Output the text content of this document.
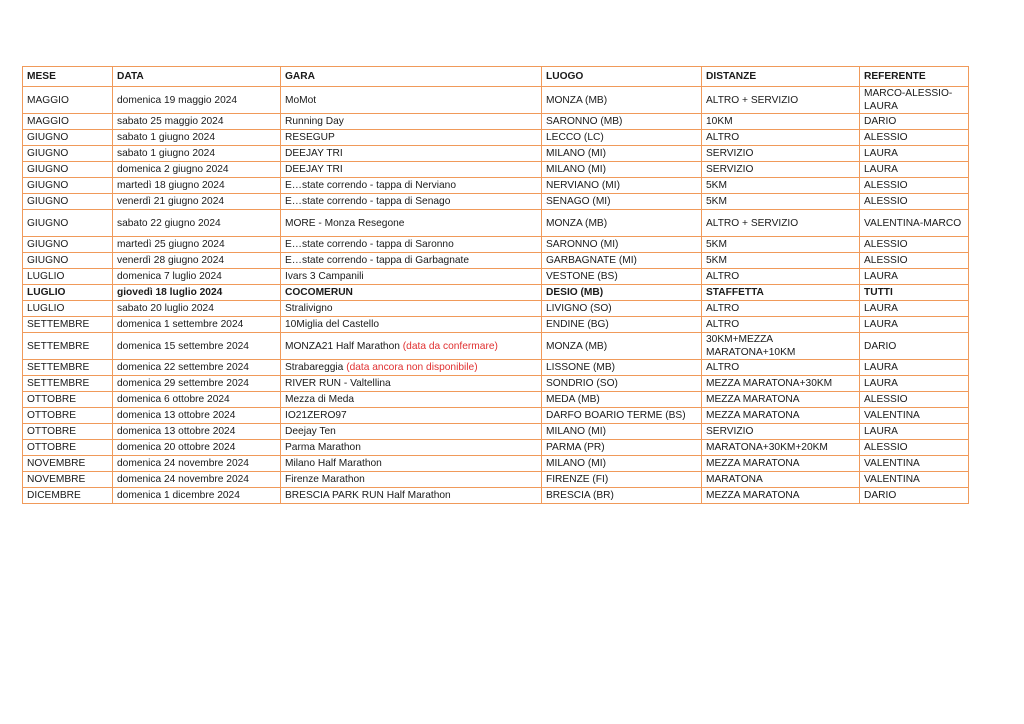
MESE	DATA	GARA	LUOGO	DISTANZE	REFERENTE
MAGGIO	domenica 19 maggio 2024	MoMot	MONZA (MB)	ALTRO + SERVIZIO	MARCO-ALESSIO-LAURA
MAGGIO	sabato 25 maggio 2024	Running Day	SARONNO (MB)	10KM	DARIO
GIUGNO	sabato 1 giugno 2024	RESEGUP	LECCO (LC)	ALTRO	ALESSIO
GIUGNO	sabato 1 giugno 2024	DEEJAY TRI	MILANO (MI)	SERVIZIO	LAURA
GIUGNO	domenica 2 giugno 2024	DEEJAY TRI	MILANO (MI)	SERVIZIO	LAURA
GIUGNO	martedì 18 giugno 2024	E…state correndo - tappa di Nerviano	NERVIANO (MI)	5KM	ALESSIO
GIUGNO	venerdì 21 giugno 2024	E…state correndo - tappa di Senago	SENAGO (MI)	5KM	ALESSIO
GIUGNO	sabato 22 giugno 2024	MORE - Monza Resegone	MONZA (MB)	ALTRO + SERVIZIO	VALENTINA-MARCO
GIUGNO	martedì 25 giugno 2024	E…state correndo - tappa di Saronno	SARONNO (MI)	5KM	ALESSIO
GIUGNO	venerdì 28 giugno 2024	E…state correndo - tappa di Garbagnate	GARBAGNATE (MI)	5KM	ALESSIO
LUGLIO	domenica 7 luglio 2024	Ivars 3 Campanili	VESTONE (BS)	ALTRO	LAURA
LUGLIO	giovedì 18 luglio 2024	COCOMERUN	DESIO (MB)	STAFFETTA	TUTTI
LUGLIO	sabato 20 luglio 2024	Stralivigno	LIVIGNO (SO)	ALTRO	LAURA
SETTEMBRE	domenica 1 settembre 2024	10Miglia del Castello	ENDINE (BG)	ALTRO	LAURA
SETTEMBRE	domenica 15 settembre 2024	MONZA21 Half Marathon (data da confermare)	MONZA (MB)	30KM+MEZZA MARATONA+10KM	DARIO
SETTEMBRE	domenica 22 settembre 2024	Strabareggia (data ancora non disponibile)	LISSONE (MB)	ALTRO	LAURA
SETTEMBRE	domenica 29 settembre 2024	RIVER RUN - Valtellina	SONDRIO (SO)	MEZZA MARATONA+30KM	LAURA
OTTOBRE	domenica 6 ottobre 2024	Mezza di Meda	MEDA (MB)	MEZZA MARATONA	ALESSIO
OTTOBRE	domenica 13 ottobre 2024	IO21ZERO97	DARFO BOARIO TERME (BS)	MEZZA MARATONA	VALENTINA
OTTOBRE	domenica 13 ottobre 2024	Deejay Ten	MILANO (MI)	SERVIZIO	LAURA
OTTOBRE	domenica 20 ottobre 2024	Parma Marathon	PARMA (PR)	MARATONA+30KM+20KM	ALESSIO
NOVEMBRE	domenica 24 novembre 2024	Milano Half Marathon	MILANO (MI)	MEZZA MARATONA	VALENTINA
NOVEMBRE	domenica 24 novembre 2024	Firenze Marathon	FIRENZE (FI)	MARATONA	VALENTINA
DICEMBRE	domenica 1 dicembre 2024	BRESCIA PARK RUN Half Marathon	BRESCIA (BR)	MEZZA MARATONA	DARIO
